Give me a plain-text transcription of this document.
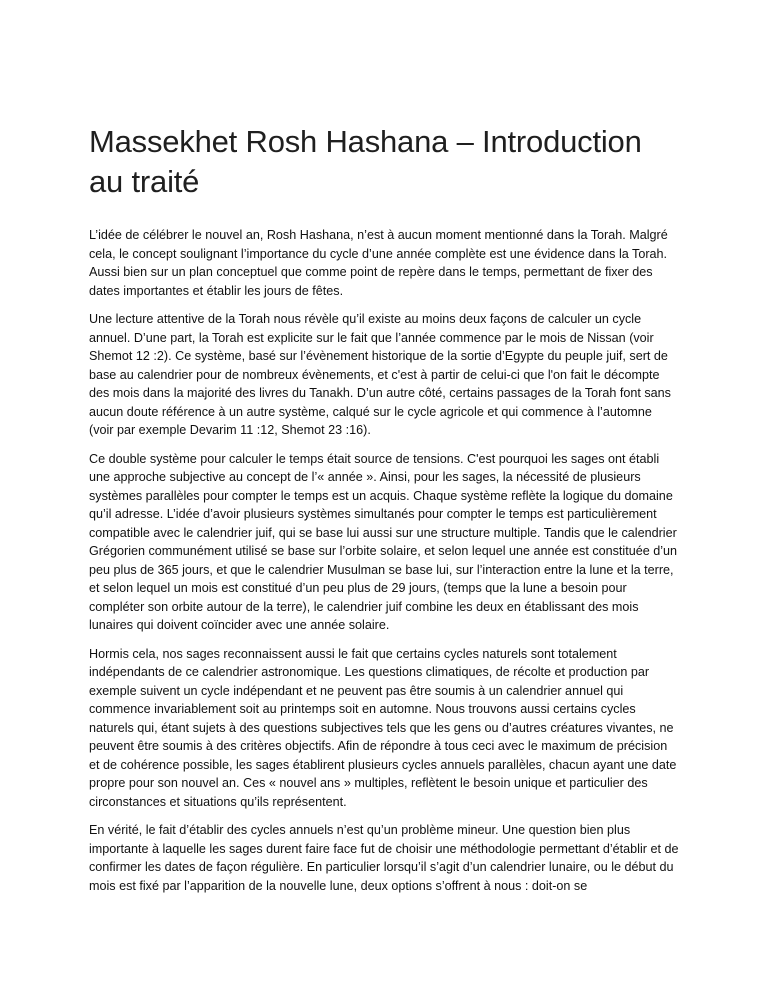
Massekhet Rosh Hashana – Introduction au traité

L’idée de célébrer le nouvel an, Rosh Hashana, n’est à aucun moment mentionné dans la Torah. Malgré cela, le concept soulignant l’importance du cycle d’une année complète est une évidence dans la Torah. Aussi bien sur un plan conceptuel que comme point de repère dans le temps, permettant de fixer des dates importantes et établir les jours de fêtes.

Une lecture attentive de la Torah nous révèle qu’il existe au moins deux façons de calculer un cycle annuel. D’une part, la Torah est explicite sur le fait que l’année commence par le mois de Nissan (voir Shemot 12 :2). Ce système, basé sur l’évènement historique de la sortie d’Egypte du peuple juif, sert de base au calendrier pour de nombreux évènements, et c'est à partir de celui-ci que l'on fait le décompte des mois dans la majorité des livres du Tanakh. D’un autre côté, certains passages de la Torah font sans aucun doute référence à un autre système, calqué sur le cycle agricole et qui commence à l’automne (voir par exemple Devarim 11 :12, Shemot 23 :16).

Ce double système pour calculer le temps était source de tensions. C'est pourquoi les sages ont établi une approche subjective au concept de l’« année ». Ainsi, pour les sages, la nécessité de plusieurs systèmes parallèles pour compter le temps est un acquis. Chaque système reflète la logique du domaine qu’il adresse. L’idée d’avoir plusieurs systèmes simultanés pour compter le temps est particulièrement compatible avec le calendrier juif, qui se base lui aussi sur une structure multiple. Tandis que le calendrier Grégorien communément utilisé se base sur l’orbite solaire, et selon lequel une année est constituée d’un peu plus de 365 jours, et que le calendrier Musulman se base lui, sur l’interaction entre la lune et la terre, et selon lequel un mois est constitué d’un peu plus de 29 jours, (temps que la lune a besoin pour compléter son orbite autour de la terre), le calendrier juif combine les deux en établissant des mois lunaires qui doivent coïncider avec une année solaire.

Hormis cela, nos sages reconnaissent aussi le fait que certains cycles naturels sont totalement indépendants de ce calendrier astronomique. Les questions climatiques, de récolte et production par exemple suivent un cycle indépendant et ne peuvent pas être soumis à un calendrier annuel qui commence invariablement soit au printemps soit en automne. Nous trouvons aussi certains cycles naturels qui, étant sujets à des questions subjectives tels que les gens ou d’autres créatures vivantes, ne peuvent être soumis à des critères objectifs. Afin de répondre à tous ceci avec le maximum de précision et de cohérence possible, les sages établirent plusieurs cycles annuels parallèles, chacun ayant une date propre pour son nouvel an. Ces « nouvel ans » multiples, reflètent le besoin unique et particulier des circonstances et situations qu’ils représentent.

En vérité, le fait d’établir des cycles annuels n’est qu’un problème mineur. Une question bien plus importante à laquelle les sages durent faire face fut de choisir une méthodologie permettant d’établir et de confirmer les dates de façon régulière. En particulier lorsqu’il s’agit d’un calendrier lunaire, ou le début du mois est fixé par l’apparition de la nouvelle lune, deux options s’offrent à nous : doit-on se
